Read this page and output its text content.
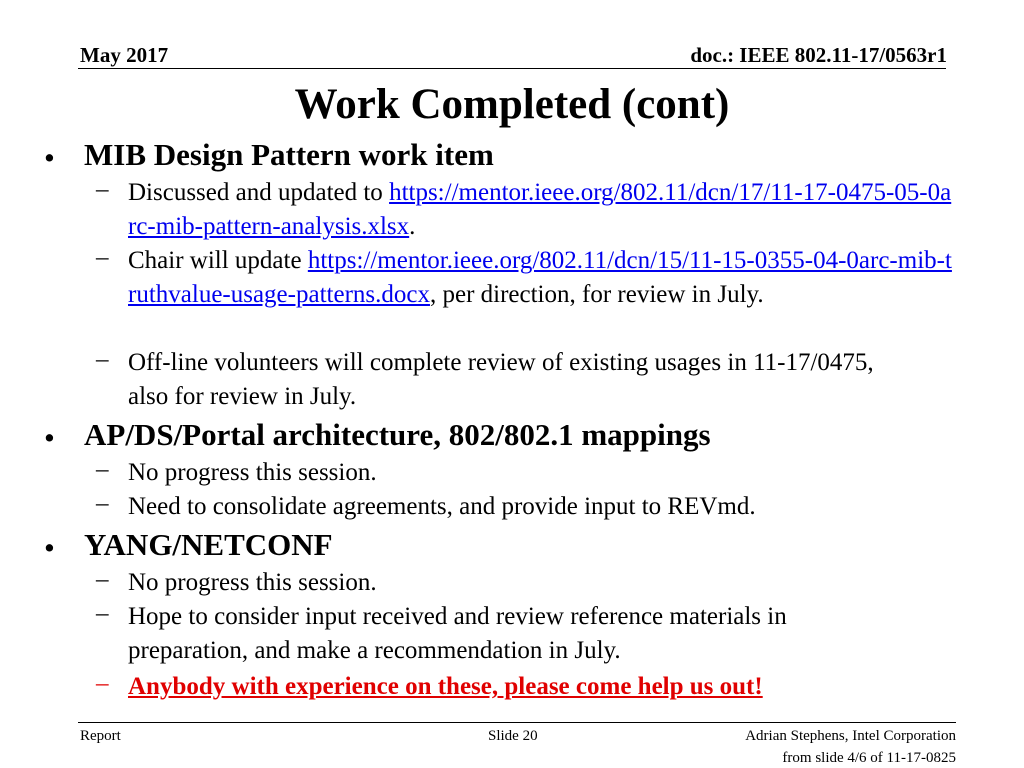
May 2017	doc.: IEEE 802.11-17/0563r1
Work Completed (cont)
• MIB Design Pattern work item
– Discussed and updated to https://mentor.ieee.org/802.11/dcn/17/11-17-0475-05-0arc-mib-pattern-analysis.xlsx.
– Chair will update https://mentor.ieee.org/802.11/dcn/15/11-15-0355-04-0arc-mib-truthvalue-usage-patterns.docx, per direction, for review in July.
– Off-line volunteers will complete review of existing usages in 11-17/0475, also for review in July.
• AP/DS/Portal architecture, 802/802.1 mappings
– No progress this session.
– Need to consolidate agreements, and provide input to REVmd.
• YANG/NETCONF
– No progress this session.
– Hope to consider input received and review reference materials in preparation, and make a recommendation in July.
– Anybody with experience on these, please come help us out!
Report	Slide 20	Adrian Stephens, Intel Corporation
from slide 4/6 of 11-17-0825
